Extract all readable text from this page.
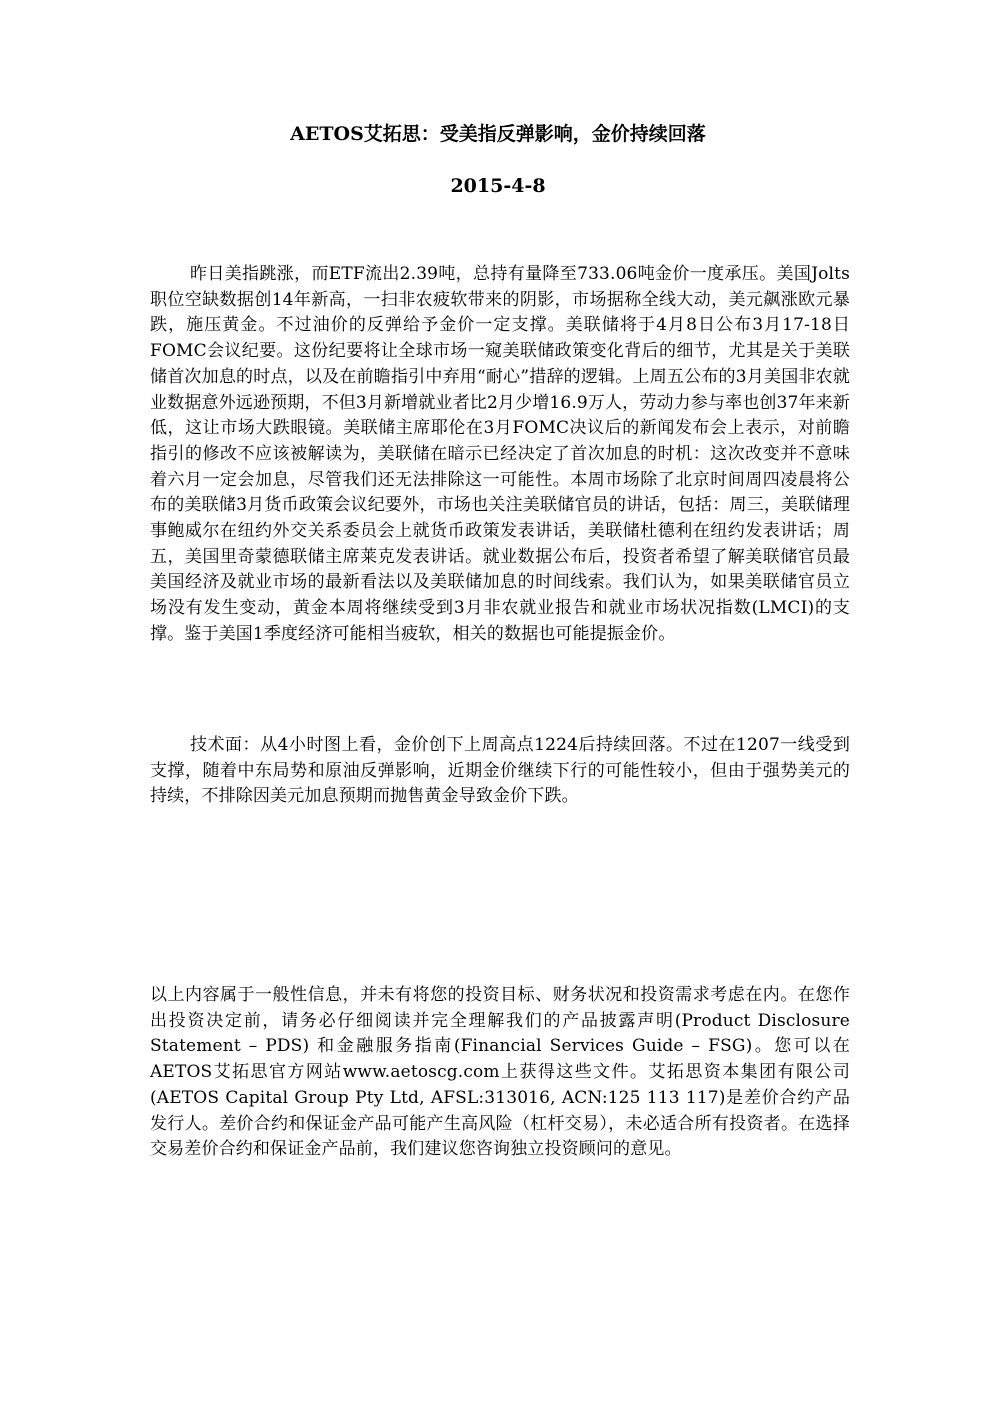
AETOS艾拓思：受美指反弹影响，金价持续回落
2015-4-8

昨日美指跳涨，而ETF流出2.39吨，总持有量降至733.06吨金价一度承压。美国Jolts职位空缺数据创14年新高，一扫非农疲软带来的阴影，市场据称全线大动，美元飙涨欧元暴跌，施压黄金。不过油价的反弹给予金价一定支撑。美联储将于4月8日公布3月17-18日FOMC会议纪要。这份纪要将让全球市场一窥美联储政策变化背后的细节，尤其是关于美联储首次加息的时点，以及在前瞻指引中弃用“耐心”措辞的逻辑。上周五公布的3月美国非农就业数据意外远逊预期，不但3月新增就业者比2月少增16.9万人，劳动力参与率也创37年来新低，这让市场大跌眼镜。美联储主席耶伦在3月FOMC决议后的新闻发布会上表示，对前瞻指引的修改不应该被解读为，美联储在暗示已经决定了首次加息的时机：这次改变并不意味着六月一定会加息，尽管我们还无法排除这一可能性。本周市场除了北京时间周四凌晨将公布的美联储3月货币政策会议纪要外，市场也关注美联储官员的讲话，包括：周三，美联储理事鲍威尔在纽约外交关系委员会上就货币政策发表讲话，美联储杜德利在纽约发表讲话；周五，美国里奇蒙德联储主席莱克发表讲话。就业数据公布后，投资者希望了解美联储官员最美国经济及就业市场的最新看法以及美联储加息的时间线索。我们认为，如果美联储官员立场没有发生变动，黄金本周将继续受到3月非农就业报告和就业市场状况指数(LMCI)的支撑。鉴于美国1季度经济可能相当疲软，相关的数据也可能提振金价。

技术面：从4小时图上看，金价创下上周高点1224后持续回落。不过在1207一线受到支撑，随着中东局势和原油反弹影响，近期金价继续下行的可能性较小，但由于强势美元的持续，不排除因美元加息预期而抛售黄金导致金价下跌。

以上内容属于一般性信息，并未有将您的投资目标、财务状况和投资需求考虑在内。在您作出投资决定前，请务必仔细阅读并完全理解我们的产品披露声明(Product Disclosure Statement – PDS) 和金融服务指南(Financial Services Guide – FSG)。您可以在AETOS艾拓思官方网站www.aetoscg.com上获得这些文件。艾拓思资本集团有限公司(AETOS Capital Group Pty Ltd, AFSL:313016, ACN:125 113 117)是差价合约产品发行人。差价合约和保证金产品可能产生高风险（杠杆交易），未必适合所有投资者。在选择交易差价合约和保证金产品前，我们建议您咨询独立投资顾问的意见。
